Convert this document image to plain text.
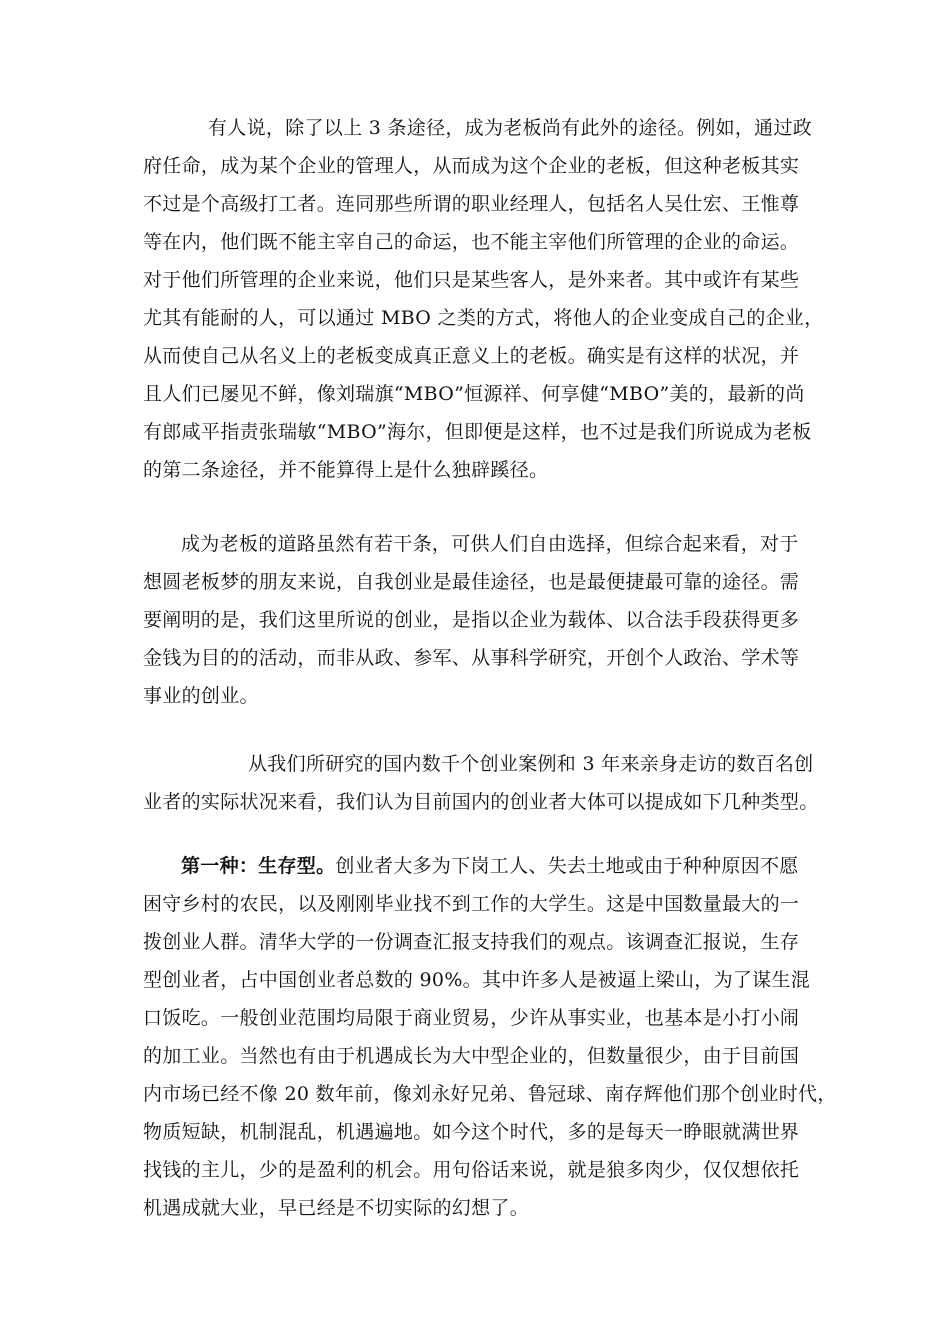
有人说，除了以上 3 条途径，成为老板尚有此外的途径。例如，通过政
府任命，成为某个企业的管理人，从而成为这个企业的老板，但这种老板其实
不过是个高级打工者。连同那些所谓的职业经理人，包括名人吴仕宏、王惟尊
等在内，他们既不能主宰自己的命运，也不能主宰他们所管理的企业的命运。
对于他们所管理的企业来说，他们只是某些客人，是外来者。其中或许有某些
尤其有能耐的人，可以通过 MBO 之类的方式，将他人的企业变成自己的企业，
从而使自己从名义上的老板变成真正意义上的老板。确实是有这样的状况，并
且人们已屡见不鲜，像刘瑞旗“MBO”恒源祥、何享健“MBO”美的，最新的尚
有郎咸平指责张瑞敏“MBO”海尔，但即便是这样，也不过是我们所说成为老板
的第二条途径，并不能算得上是什么独辟蹊径。
成为老板的道路虽然有若干条，可供人们自由选择，但综合起来看，对于
想圆老板梦的朋友来说，自我创业是最佳途径，也是最便捷最可靠的途径。需
要阐明的是，我们这里所说的创业，是指以企业为载体、以合法手段获得更多
金钱为目的的活动，而非从政、参军、从事科学研究，开创个人政治、学术等
事业的创业。
从我们所研究的国内数千个创业案例和 3 年来亲身走访的数百名创
业者的实际状况来看，我们认为目前国内的创业者大体可以提成如下几种类型。
第一种：生存型。创业者大多为下岗工人、失去土地或由于种种原因不愿
困守乡村的农民，以及刚刚毕业找不到工作的大学生。这是中国数量最大的一
拨创业人群。清华大学的一份调查汇报支持我们的观点。该调查汇报说，生存
型创业者，占中国创业者总数的 90%。其中许多人是被逼上梁山，为了谋生混
口饭吃。一般创业范围均局限于商业贸易，少许从事实业，也基本是小打小闹
的加工业。当然也有由于机遇成长为大中型企业的，但数量很少，由于目前国
内市场已经不像 20 数年前，像刘永好兄弟、鲁冠球、南存辉他们那个创业时代，
物质短缺，机制混乱，机遇遍地。如今这个时代，多的是每天一睁眼就满世界
找钱的主儿，少的是盈利的机会。用句俗话来说，就是狼多肉少，仅仅想依托
机遇成就大业，早已经是不切实际的幻想了。
